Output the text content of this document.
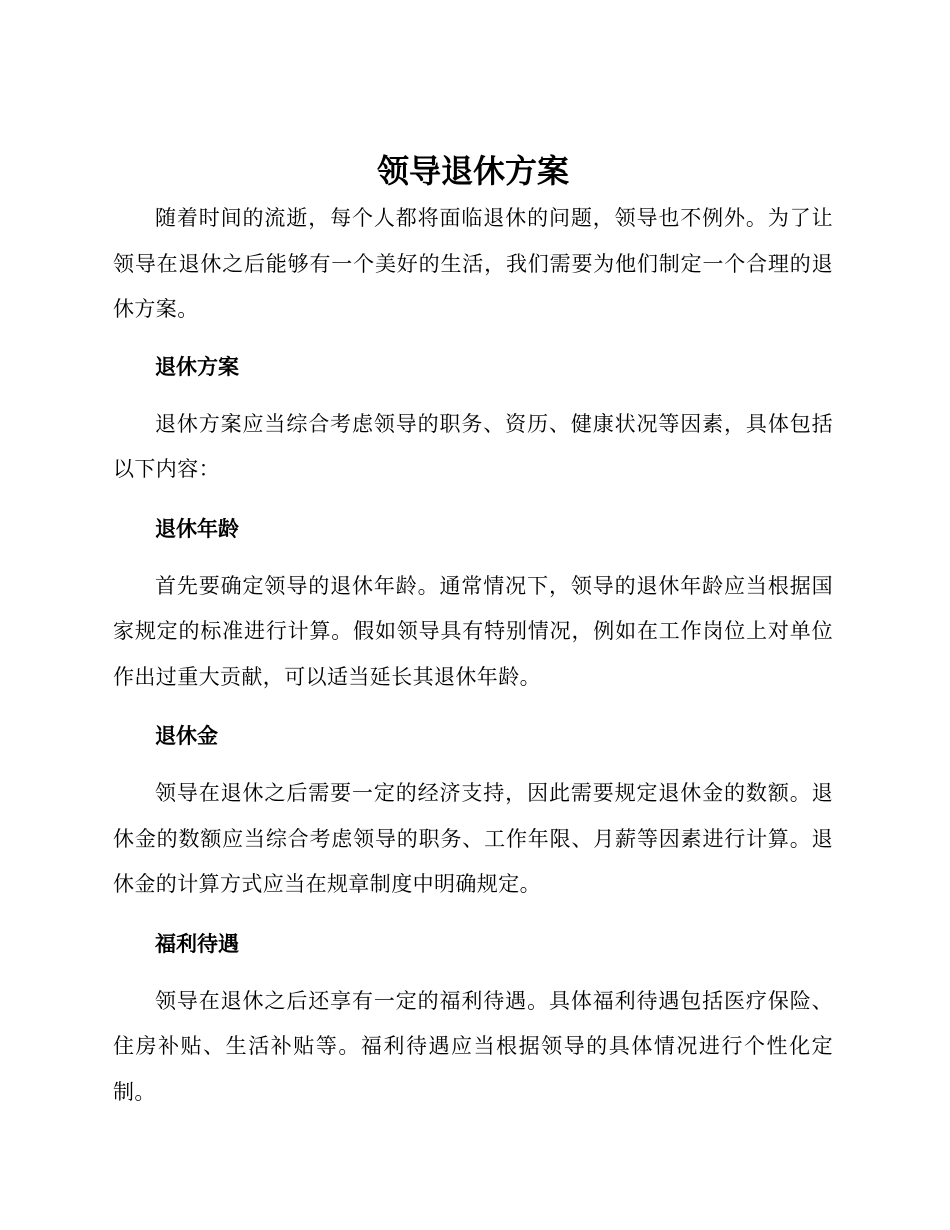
领导退休方案

随着时间的流逝，每个人都将面临退休的问题，领导也不例外。为了让领导在退休之后能够有一个美好的生活，我们需要为他们制定一个合理的退休方案。

退休方案

退休方案应当综合考虑领导的职务、资历、健康状况等因素，具体包括以下内容：

退休年龄

首先要确定领导的退休年龄。通常情况下，领导的退休年龄应当根据国家规定的标准进行计算。假如领导具有特别情况，例如在工作岗位上对单位作出过重大贡献，可以适当延长其退休年龄。

退休金

领导在退休之后需要一定的经济支持，因此需要规定退休金的数额。退休金的数额应当综合考虑领导的职务、工作年限、月薪等因素进行计算。退休金的计算方式应当在规章制度中明确规定。

福利待遇

领导在退休之后还享有一定的福利待遇。具体福利待遇包括医疗保险、住房补贴、生活补贴等。福利待遇应当根据领导的具体情况进行个性化定制。
